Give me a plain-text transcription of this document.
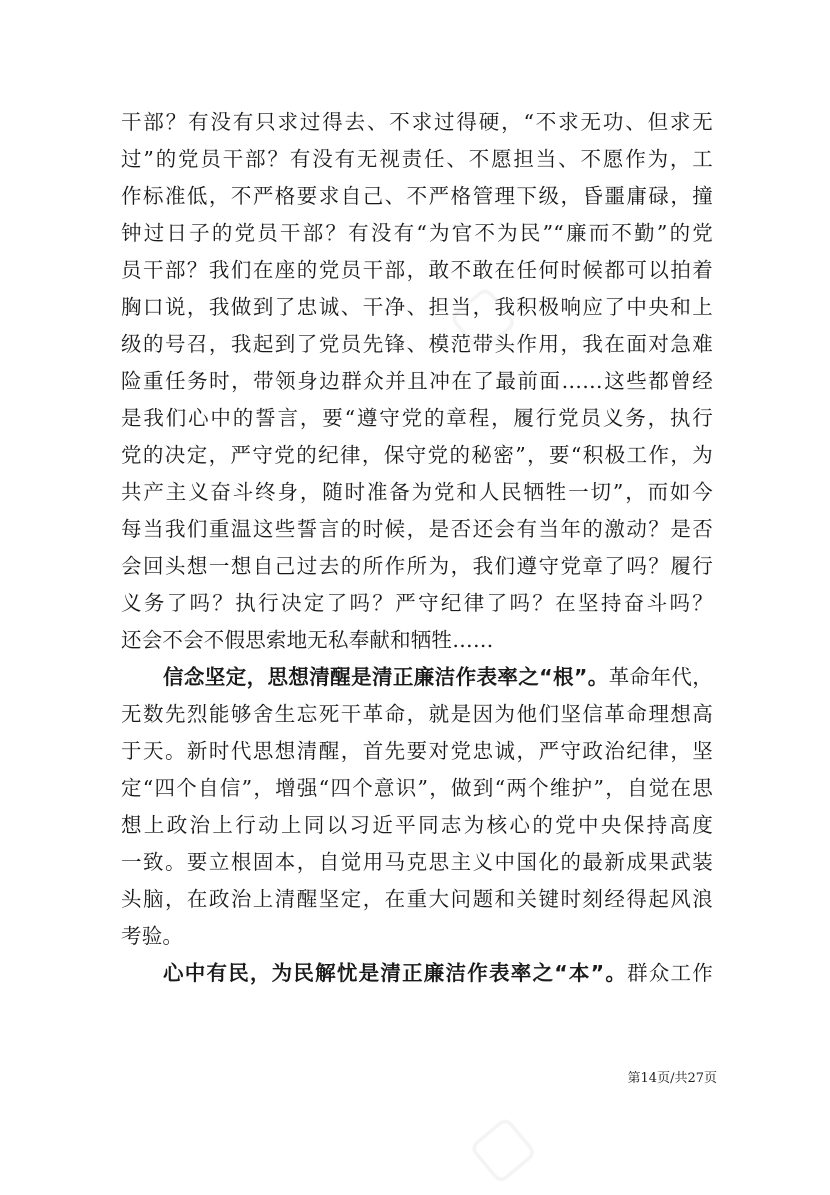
▢
▢
干部？有没有只求过得去、不求过得硬，“不求无功、但求无
过”的党员干部？有没有无视责任、不愿担当、不愿作为，工
作标准低，不严格要求自己、不严格管理下级，昏噩庸碌，撞
钟过日子的党员干部？有没有“为官不为民”“廉而不勤”的党
员干部？我们在座的党员干部，敢不敢在任何时候都可以拍着
胸口说，我做到了忠诚、干净、担当，我积极响应了中央和上
级的号召，我起到了党员先锋、模范带头作用，我在面对急难
险重任务时，带领身边群众并且冲在了最前面……这些都曾经
是我们心中的誓言，要“遵守党的章程，履行党员义务，执行
党的决定，严守党的纪律，保守党的秘密”，要“积极工作，为
共产主义奋斗终身，随时准备为党和人民牺牲一切”，而如今
每当我们重温这些誓言的时候，是否还会有当年的激动？是否
会回头想一想自己过去的所作所为，我们遵守党章了吗？履行
义务了吗？执行决定了吗？严守纪律了吗？在坚持奋斗吗？
还会不会不假思索地无私奉献和牺牲……
信念坚定，思想清醒是清正廉洁作表率之“根”。革命年代，
无数先烈能够舍生忘死干革命，就是因为他们坚信革命理想高
于天。新时代思想清醒，首先要对党忠诚，严守政治纪律，坚
定“四个自信”，增强“四个意识”，做到“两个维护”，自觉在思
想上政治上行动上同以习近平同志为核心的党中央保持高度
一致。要立根固本，自觉用马克思主义中国化的最新成果武装
头脑，在政治上清醒坚定，在重大问题和关键时刻经得起风浪
考验。
心中有民，为民解忧是清正廉洁作表率之“本”。群众工作
第14页/共27页
